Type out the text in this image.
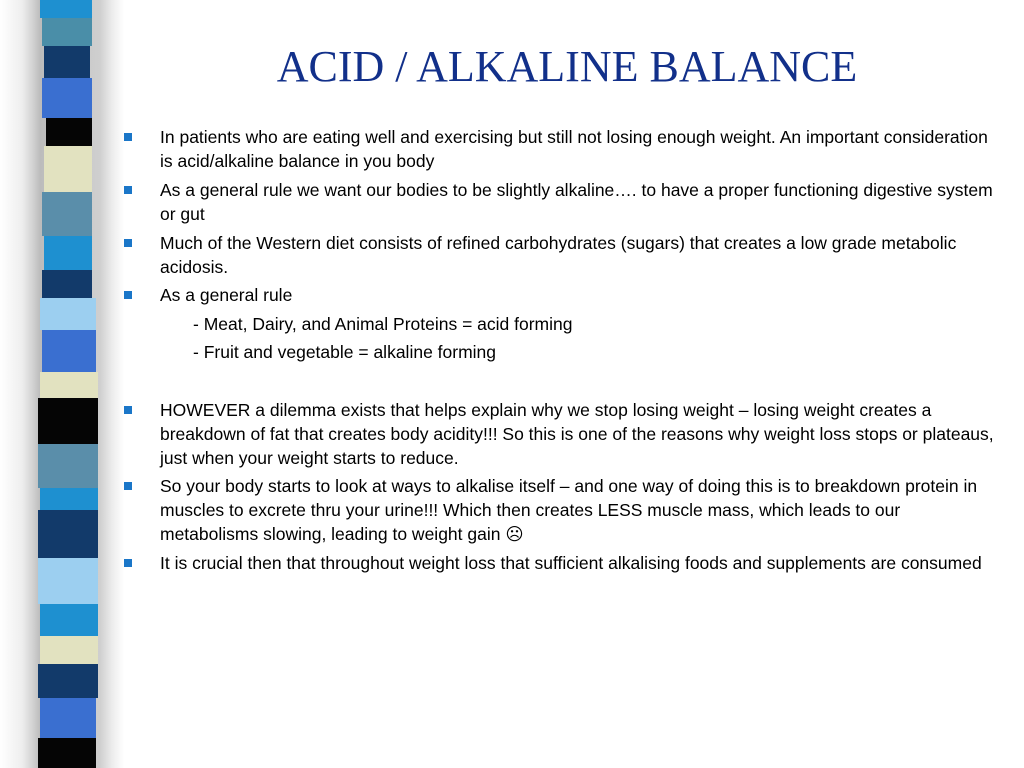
ACID / ALKALINE BALANCE
In patients who are eating well and exercising but still not losing enough weight. An important consideration is acid/alkaline balance in you body
As a general rule we want our bodies to be slightly alkaline…. to have a proper functioning digestive system or gut
Much of the Western diet consists of refined carbohydrates (sugars) that creates a low grade metabolic acidosis.
As a general rule
- Meat, Dairy, and Animal Proteins = acid forming
- Fruit and vegetable = alkaline forming
HOWEVER a dilemma exists that helps explain why we stop losing weight – losing weight creates a breakdown of fat that creates body acidity!!! So this is one of the reasons why weight loss stops or plateaus, just when your weight starts to reduce.
So your body starts to look at ways to alkalise itself – and one way of doing this is to breakdown protein in muscles to excrete thru your urine!!! Which then creates LESS muscle mass, which leads to our metabolisms slowing, leading to weight gain ☹
It is crucial then that throughout weight loss that sufficient alkalising foods and supplements are consumed
